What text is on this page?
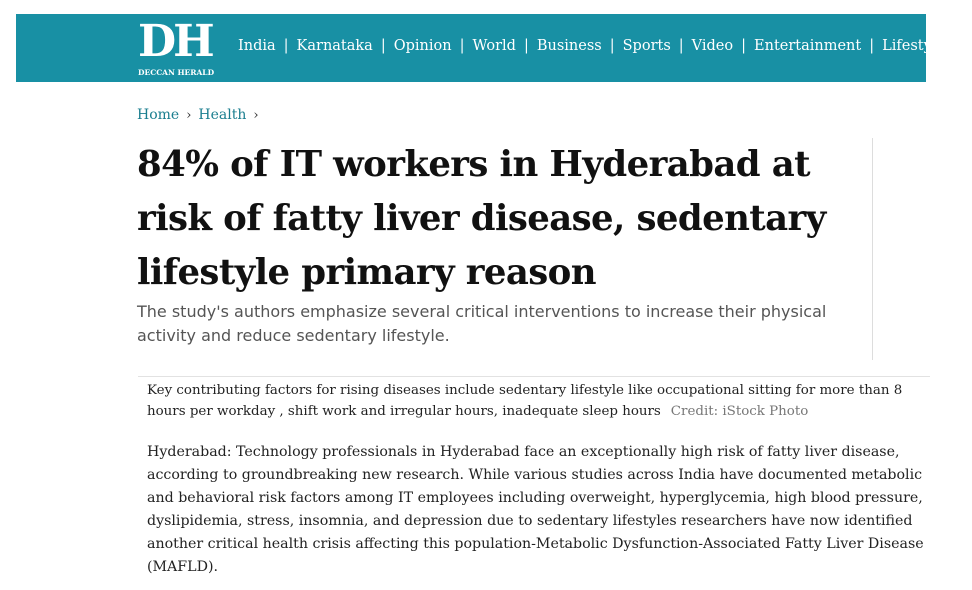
DH
DECCAN HERALD
India | Karnataka | Opinion | World | Business | Sports | Video | Entertainment | Lifestyle |
Home › Health ›
84% of IT workers in Hyderabad at risk of fatty liver disease, sedentary lifestyle primary reason

The study's authors emphasize several critical interventions to increase their physical activity and reduce sedentary lifestyle.

Key contributing factors for rising diseases include sedentary lifestyle like occupational sitting for more than 8 hours per workday , shift work and irregular hours, inadequate sleep hours Credit: iStock Photo

Hyderabad: Technology professionals in Hyderabad face an exceptionally high risk of fatty liver disease, according to groundbreaking new research. While various studies across India have documented metabolic and behavioral risk factors among IT employees including overweight, hyperglycemia, high blood pressure, dyslipidemia, stress, insomnia, and depression due to sedentary lifestyles researchers have now identified another critical health crisis affecting this population-Metabolic Dysfunction-Associated Fatty Liver Disease (MAFLD).
